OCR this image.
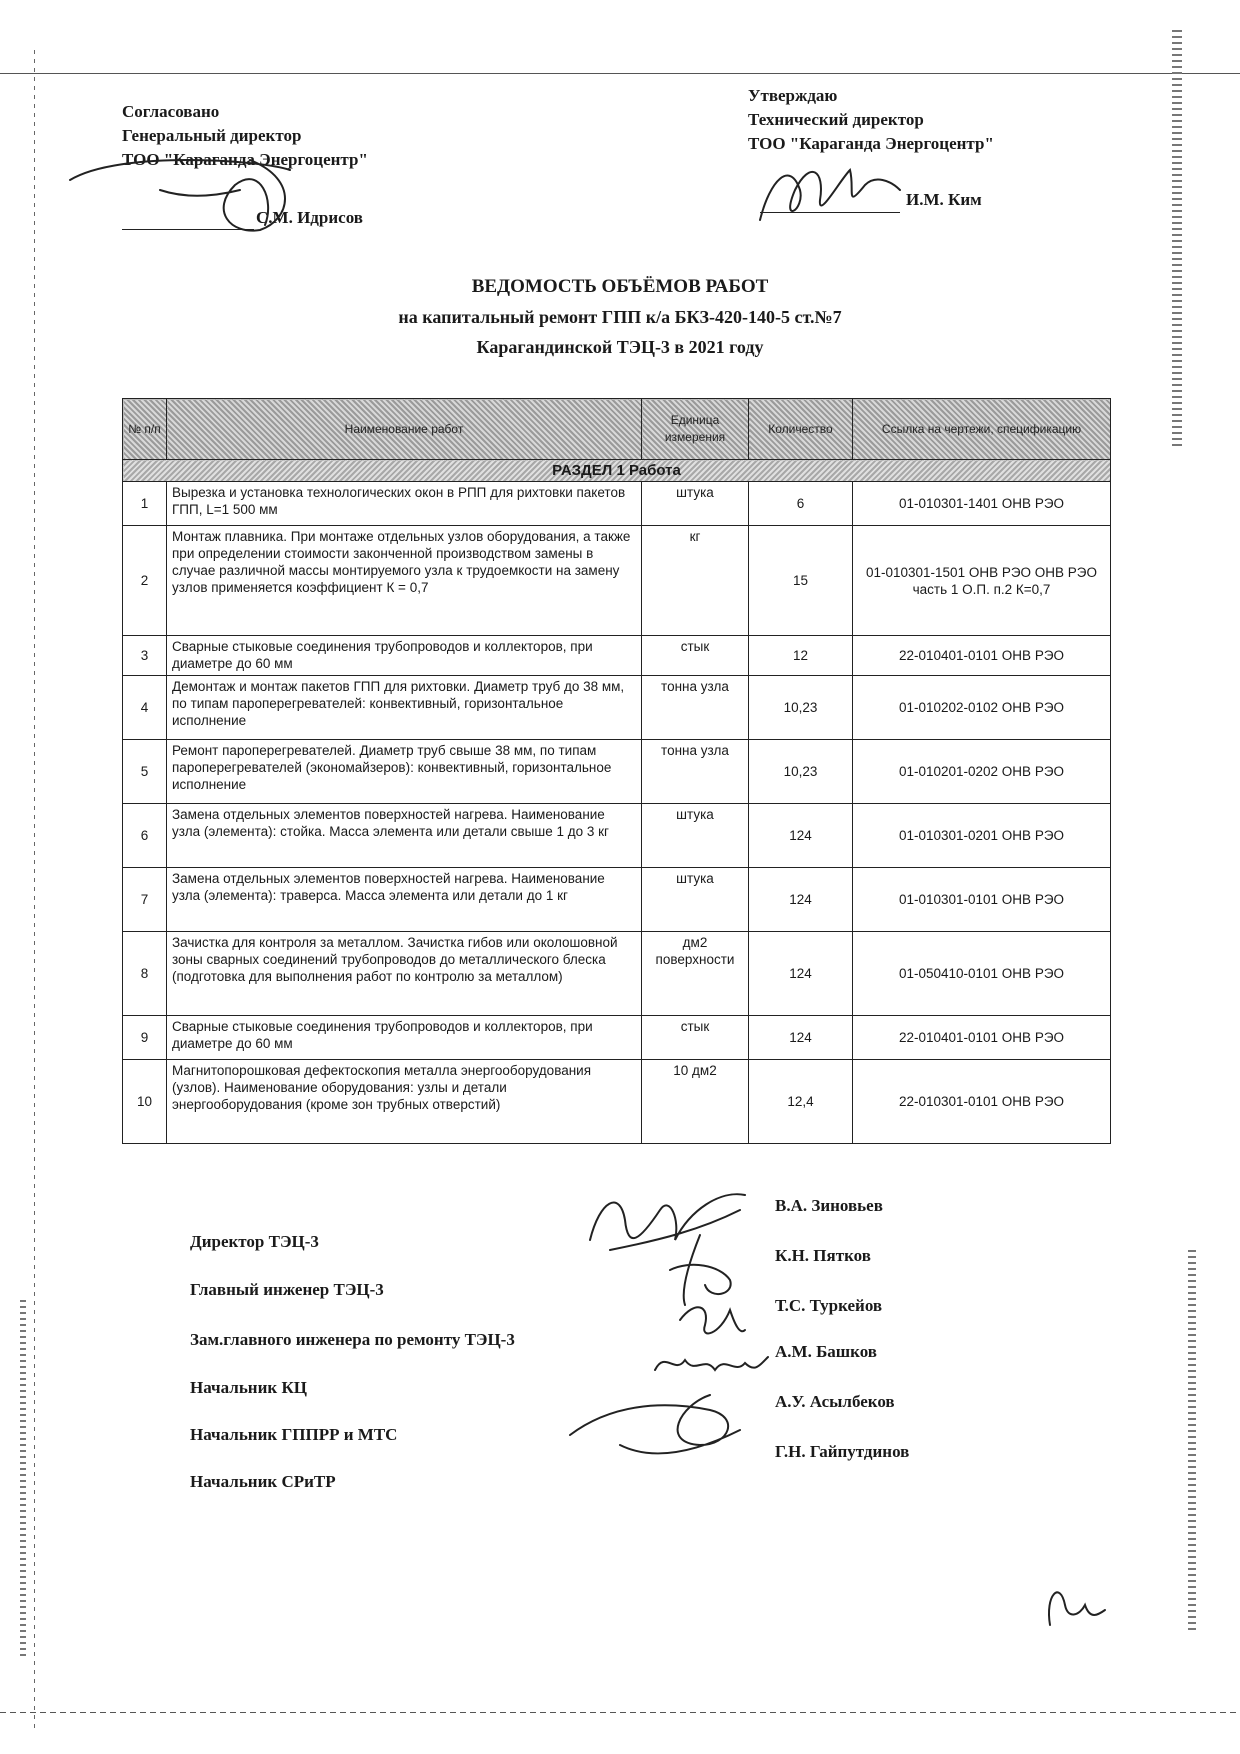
Согласовано
Генеральный директор
ТОО "Караганда Энергоцентр"
С.М. Идрисов
Утверждаю
Технический директор
ТОО "Караганда Энергоцентр"
И.М. Ким
ВЕДОМОСТЬ ОБЪЁМОВ РАБОТ
на капитальный ремонт ГПП к/а БКЗ-420-140-5 ст.№7
Карагандинской ТЭЦ-3 в 2021 году
№ п/п	Наименование работ	Единица измерения	Количество	Ссылка на чертежи, спецификацию
РАЗДЕЛ 1 Работа				
1	Вырезка и установка технологических окон в РПП для рихтовки пакетов ГПП, L=1 500 мм	штука	6	01-010301-1401 ОНВ РЭО
2	Монтаж плавника. При монтаже отдельных узлов оборудования, а также при определении стоимости законченной производством замены в случае различной массы монтируемого узла к трудоемкости на замену узлов применяется коэффициент К = 0,7	кг	15	01-010301-1501 ОНВ РЭО ОНВ РЭО часть 1 О.П. п.2 К=0,7
3	Сварные стыковые соединения трубопроводов и коллекторов, при диаметре до 60 мм	стык	12	22-010401-0101 ОНВ РЭО
4	Демонтаж и монтаж пакетов ГПП для рихтовки. Диаметр труб до 38 мм, по типам пароперегревателей: конвективный, горизонтальное исполнение	тонна узла	10,23	01-010202-0102 ОНВ РЭО
5	Ремонт пароперегревателей. Диаметр труб свыше 38 мм, по типам пароперегревателей (экономайзеров): конвективный, горизонтальное исполнение	тонна узла	10,23	01-010201-0202 ОНВ РЭО
6	Замена отдельных элементов поверхностей нагрева. Наименование узла (элемента): стойка. Масса элемента или детали свыше 1 до 3 кг	штука	124	01-010301-0201 ОНВ РЭО
7	Замена отдельных элементов поверхностей нагрева. Наименование узла (элемента): траверса. Масса элемента или детали до 1 кг	штука	124	01-010301-0101 ОНВ РЭО
8	Зачистка для контроля за металлом. Зачистка гибов или околошовной зоны сварных соединений трубопроводов до металлического блеска (подготовка для выполнения работ по контролю за металлом)	дм2 поверхности	124	01-050410-0101 ОНВ РЭО
9	Сварные стыковые соединения трубопроводов и коллекторов, при диаметре до 60 мм	стык	124	22-010401-0101 ОНВ РЭО
10	Магнитопорошковая дефектоскопия металла энергооборудования (узлов). Наименование оборудования: узлы и детали энергооборудования (кроме зон трубных отверстий)	10 дм2	12,4	22-010301-0101 ОНВ РЭО
Директор ТЭЦ-3
Главный инженер ТЭЦ-3
Зам.главного инженера по ремонту ТЭЦ-3
Начальник КЦ
Начальник ГППРР и МТС
Начальник СРиТР
В.А. Зиновьев
К.Н. Пятков
Т.С. Туркейов
А.М. Башков
А.У. Асылбеков
Г.Н. Гайпутдинов
